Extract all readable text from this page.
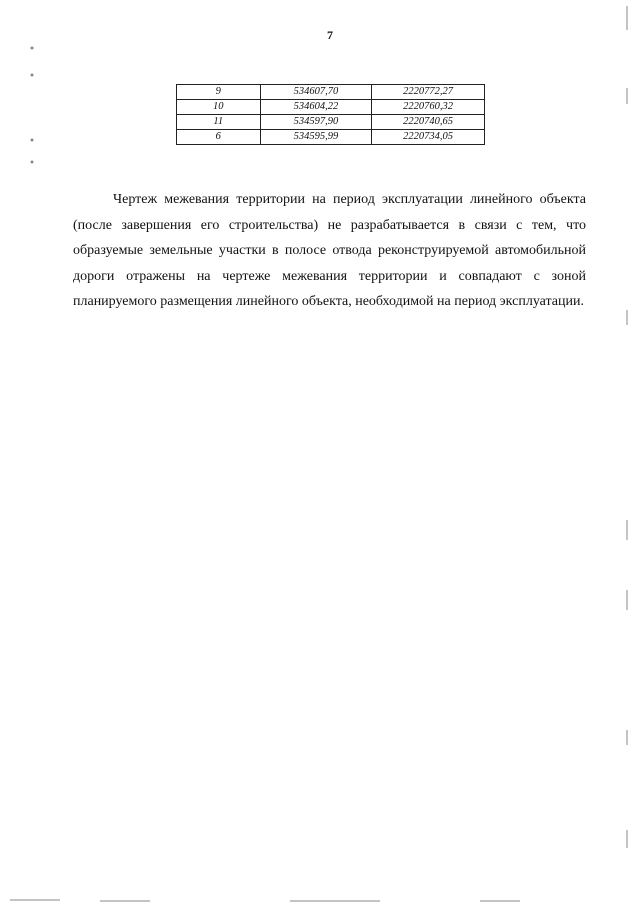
7
9	534607,70	2220772,27
10	534604,22	2220760,32
11	534597,90	2220740,65
6	534595,99	2220734,05

Чертеж межевания территории на период эксплуатации линейного объекта (после завершения его строительства) не разрабатывается в связи с тем, что образуемые земельные участки в полосе отвода реконструируемой автомобильной дороги отражены на чертеже межевания территории и совпадают с зоной планируемого размещения линейного объекта, необходимой на период эксплуатации.
